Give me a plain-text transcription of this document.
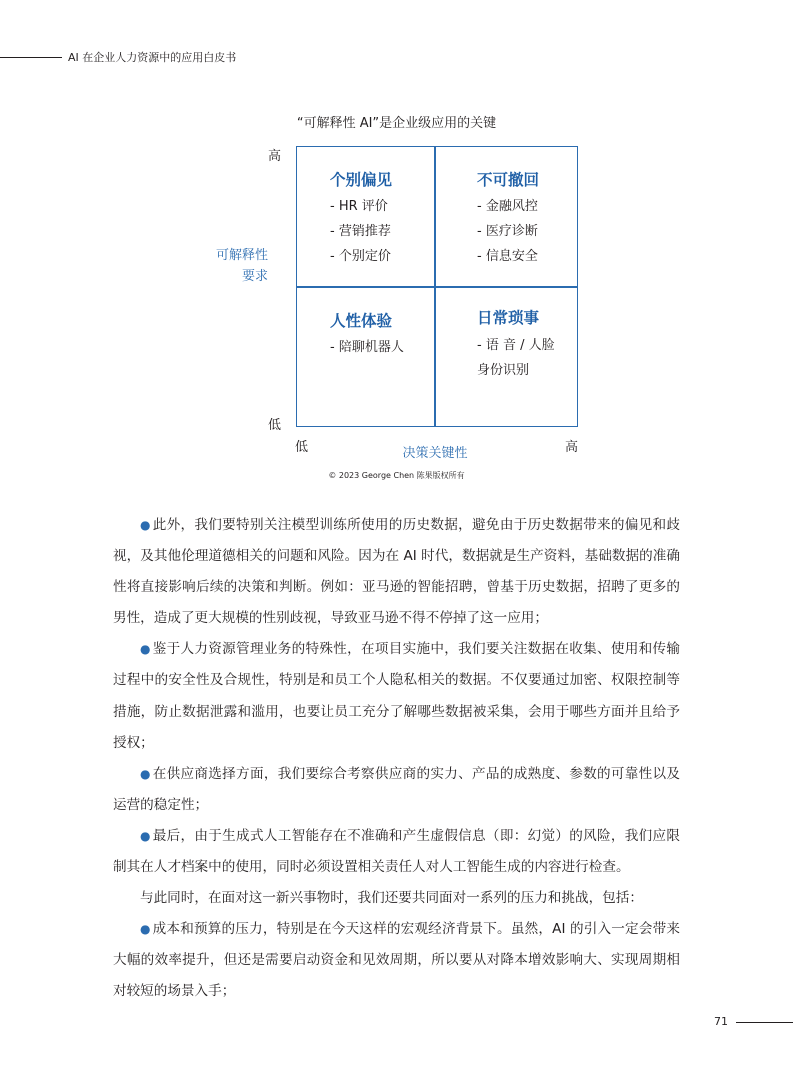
AI 在企业人力资源中的应用白皮书
“可解释性 AI”是企业级应用的关键
高
低
可解释性
要求
低	高
决策关键性
个别偏见
- HR 评价
- 营销推荐
- 个别定价
不可撤回
- 金融风控
- 医疗诊断
- 信息安全
人性体验
- 陪聊机器人
日常琐事
- 语 音 / 人脸
身份识别
© 2023 George Chen 陈果版权所有

● 此外，我们要特别关注模型训练所使用的历史数据，避免由于历史数据带来的偏见和歧视，及其他伦理道德相关的问题和风险。因为在 AI 时代，数据就是生产资料，基础数据的准确性将直接影响后续的决策和判断。例如：亚马逊的智能招聘，曾基于历史数据，招聘了更多的男性，造成了更大规模的性别歧视，导致亚马逊不得不停掉了这一应用；

● 鉴于人力资源管理业务的特殊性，在项目实施中，我们要关注数据在收集、使用和传输过程中的安全性及合规性，特别是和员工个人隐私相关的数据。不仅要通过加密、权限控制等措施，防止数据泄露和滥用，也要让员工充分了解哪些数据被采集，会用于哪些方面并且给予授权；

● 在供应商选择方面，我们要综合考察供应商的实力、产品的成熟度、参数的可靠性以及运营的稳定性；

● 最后，由于生成式人工智能存在不准确和产生虚假信息（即：幻觉）的风险，我们应限制其在人才档案中的使用，同时必须设置相关责任人对人工智能生成的内容进行检查。

与此同时，在面对这一新兴事物时，我们还要共同面对一系列的压力和挑战，包括：

● 成本和预算的压力，特别是在今天这样的宏观经济背景下。虽然，AI 的引入一定会带来大幅的效率提升，但还是需要启动资金和见效周期，所以要从对降本增效影响大、实现周期相对较短的场景入手；

71
